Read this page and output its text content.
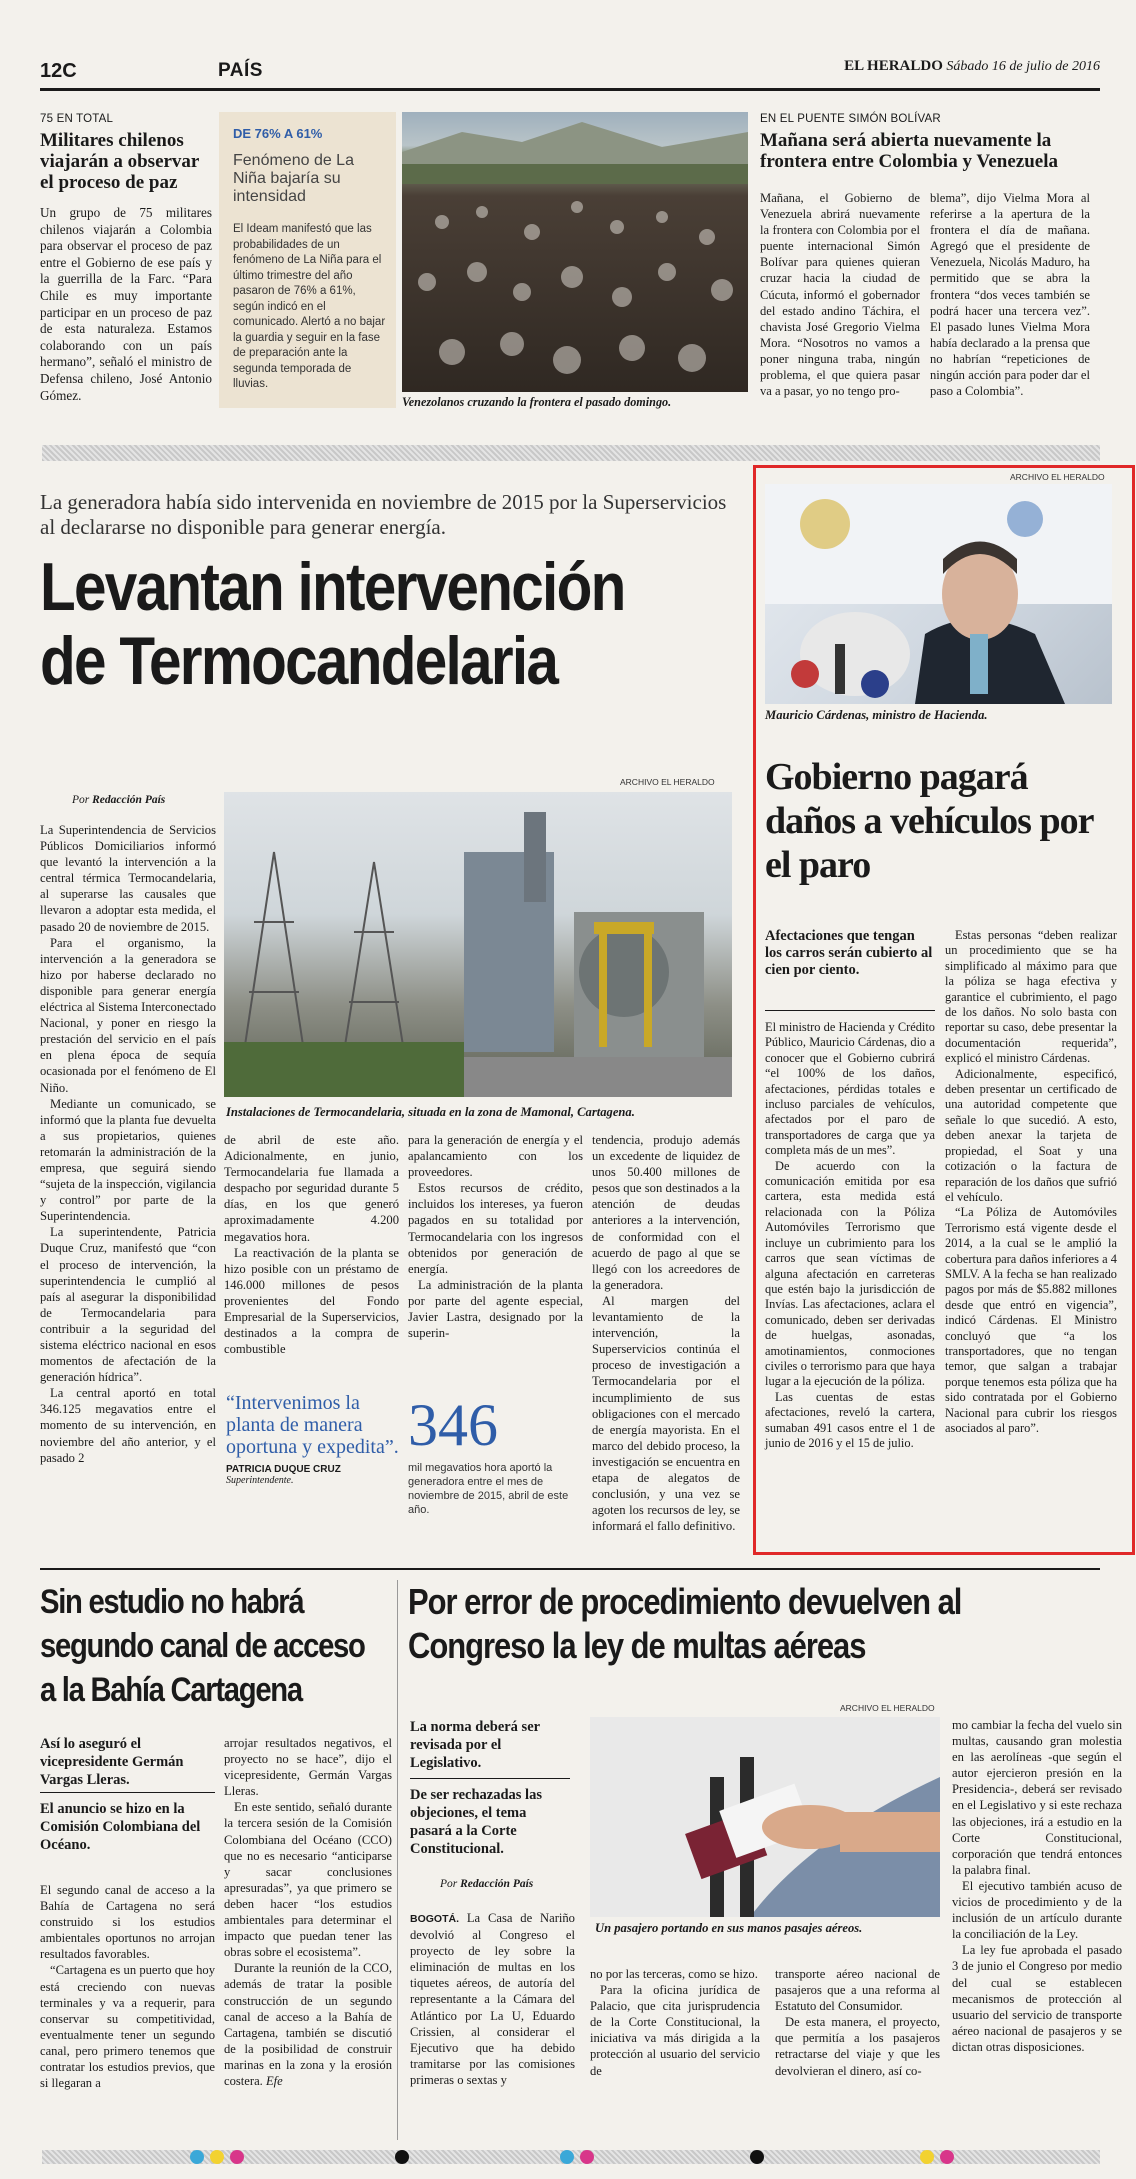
12C	PAÍS	EL HERALDO Sábado 16 de julio de 2016
75 EN TOTAL
Militares chilenos viajarán a observar el proceso de paz
Un grupo de 75 militares chilenos viajarán a Colombia para observar el proceso de paz entre el Gobierno de ese país y la guerrilla de la Farc. “Para Chile es muy importante participar en un proceso de paz de esta naturaleza. Estamos colaborando con un país hermano”, señaló el ministro de Defensa chileno, José Antonio Gómez.
DE 76% A 61%
Fenómeno de La Niña bajaría su intensidad
El Ideam manifestó que las probabilidades de un fenómeno de La Niña para el último trimestre del año pasaron de 76% a 61%, según indicó en el comunicado. Alertó a no bajar la guardia y seguir en la fase de preparación ante la segunda temporada de lluvias.
Venezolanos cruzando la frontera el pasado domingo.
EN EL PUENTE SIMÓN BOLÍVAR
Mañana será abierta nuevamente la frontera entre Colombia y Venezuela
Mañana, el Gobierno de Venezuela abrirá nuevamente la frontera con Colombia por el puente internacional Simón Bolívar para quienes quieran cruzar hacia la ciudad de Cúcuta, informó el gobernador del estado andino Táchira, el chavista José Gregorio Vielma Mora. “Nosotros no vamos a poner ninguna traba, ningún problema, el que quiera pasar va a pasar, yo no tengo pro-
blema”, dijo Vielma Mora al referirse a la apertura de la frontera el día de mañana. Agregó que el presidente de Venezuela, Nicolás Maduro, ha permitido que se abra la frontera “dos veces también se podrá hacer una tercera vez”. El pasado lunes Vielma Mora había declarado a la prensa que no habrían “repeticiones de ningún acción para poder dar el paso a Colombia”.
La generadora había sido intervenida en noviembre de 2015 por la Superservicios al declararse no disponible para generar energía.
Levantan intervención
de Termocandelaria
Por Redacción País

La Superintendencia de Servicios Públicos Domiciliarios informó que levantó la intervención a la central térmica Termocandelaria, al superarse las causales que llevaron a adoptar esta medida, el pasado 20 de noviembre de 2015.

Para el organismo, la intervención a la generadora se hizo por haberse declarado no disponible para generar energía eléctrica al Sistema Interconectado Nacional, y poner en riesgo la prestación del servicio en el país en plena época de sequía ocasionada por el fenómeno de El Niño.

Mediante un comunicado, se informó que la planta fue devuelta a sus propietarios, quienes retomarán la administración de la empresa, que seguirá siendo “sujeta de la inspección, vigilancia y control” por parte de la Superintendencia.

La superintendente, Patricia Duque Cruz, manifestó que “con el proceso de intervención, la superintendencia le cumplió al país al asegurar la disponibilidad de Termocandelaria para contribuir a la seguridad del sistema eléctrico nacional en esos momentos de afectación de la generación hídrica”.

La central aportó en total 346.125 megavatios entre el momento de su intervención, en noviembre del año anterior, y el pasado 2

ARCHIVO EL HERALDO
Instalaciones de Termocandelaria, situada en la zona de Mamonal, Cartagena.

de abril de este año. Adicionalmente, en junio, Termocandelaria fue llamada a despacho por seguridad durante 5 días, en los que generó aproximadamente 4.200 megavatios hora.

La reactivación de la planta se hizo posible con un préstamo de 146.000 millones de pesos provenientes del Fondo Empresarial de la Superservicios, destinados a la compra de combustible

para la generación de energía y el apalancamiento con los proveedores.

Estos recursos de crédito, incluidos los intereses, ya fueron pagados en su totalidad por Termocandelaria con los ingresos obtenidos por generación de energía.

La administración de la planta por parte del agente especial, Javier Lastra, designado por la superin-

tendencia, produjo además un excedente de liquidez de unos 50.400 millones de pesos que son destinados a la atención de deudas anteriores a la intervención, de conformidad con el acuerdo de pago al que se llegó con los acreedores de la generadora.

Al margen del levantamiento de la intervención, la Superservicios continúa el proceso de investigación a Termocandelaria por el incumplimiento de sus obligaciones con el mercado de energía mayorista. En el marco del debido proceso, la investigación se encuentra en etapa de alegatos de conclusión, y una vez se agoten los recursos de ley, se informará el fallo definitivo.

“Intervenimos la planta de manera oportuna y expedita”.
PATRICIA DUQUE CRUZ
Superintendente.
346
mil megavatios hora aportó la generadora entre el mes de noviembre de 2015, abril de este año.
ARCHIVO EL HERALDO
Mauricio Cárdenas, ministro de Hacienda.
Gobierno pagará daños a vehículos por el paro
Afectaciones que tengan los carros serán cubierto al cien por ciento.

El ministro de Hacienda y Crédito Público, Mauricio Cárdenas, dio a conocer que el Gobierno cubrirá “el 100% de los daños, afectaciones, pérdidas totales e incluso parciales de vehículos, afectados por el paro de transportadores de carga que ya completa más de un mes”.

De acuerdo con la comunicación emitida por esa cartera, esta medida está relacionada con la Póliza Automóviles Terrorismo que incluye un cubrimiento para los carros que sean víctimas de alguna afectación en carreteras que estén bajo la jurisdicción de Invías. Las afectaciones, aclara el comunicado, deben ser derivadas de huelgas, asonadas, amotinamientos, conmociones civiles o terrorismo para que haya lugar a la ejecución de la póliza.

Las cuentas de estas afectaciones, reveló la cartera, sumaban 491 casos entre el 1 de junio de 2016 y el 15 de julio.

Estas personas “deben realizar un procedimiento que se ha simplificado al máximo para que la póliza se haga efectiva y garantice el cubrimiento, el pago de los daños. No solo basta con reportar su caso, debe presentar la documentación requerida”, explicó el ministro Cárdenas.

Adicionalmente, especificó, deben presentar un certificado de una autoridad competente que señale lo que sucedió. A esto, deben anexar la tarjeta de propiedad, el Soat y una cotización o la factura de reparación de los daños que sufrió el vehículo.

“La Póliza de Automóviles Terrorismo está vigente desde el 2014, a la cual se le amplió la cobertura para daños inferiores a 4 SMLV. A la fecha se han realizado pagos por más de $5.882 millones desde que entró en vigencia”, indicó Cárdenas. El Ministro concluyó que “a los transportadores, que no tengan temor, que salgan a trabajar porque tenemos esta póliza que ha sido contratada por el Gobierno Nacional para cubrir los riesgos asociados al paro”.

Sin estudio no habrá segundo canal de acceso a la Bahía Cartagena
Así lo aseguró el vicepresidente Germán Vargas Lleras.
El anuncio se hizo en la Comisión Colombiana del Océano.

El segundo canal de acceso a la Bahía de Cartagena no será construido si los estudios ambientales oportunos no arrojan resultados favorables.

“Cartagena es un puerto que hoy está creciendo con nuevas terminales y va a requerir, para conservar su competitividad, eventualmente tener un segundo canal, pero primero tenemos que contratar los estudios previos, que si llegaran a

arrojar resultados negativos, el proyecto no se hace”, dijo el vicepresidente, Germán Vargas Lleras.

En este sentido, señaló durante la tercera sesión de la Comisión Colombiana del Océano (CCO) que no es necesario “anticiparse y sacar conclusiones apresuradas”, ya que primero se deben hacer “los estudios ambientales para determinar el impacto que puedan tener las obras sobre el ecosistema”.

Durante la reunión de la CCO, además de tratar la posible construcción de un segundo canal de acceso a la Bahía de Cartagena, también se discutió de la posibilidad de construir marinas en la zona y la erosión costera. Efe

Por error de procedimiento devuelven al Congreso la ley de multas aéreas
La norma deberá ser revisada por el Legislativo.
De ser rechazadas las objeciones, el tema pasará a la Corte Constitucional.
Por Redacción País

BOGOTÁ. La Casa de Nariño devolvió al Congreso el proyecto de ley sobre la eliminación de multas en los tiquetes aéreos, de autoría del representante a la Cámara del Atlántico por La U, Eduardo Crissien, al considerar el Ejecutivo que ha debido tramitarse por las comisiones primeras o sextas y

ARCHIVO EL HERALDO
Un pasajero portando en sus manos pasajes aéreos.

no por las terceras, como se hizo.

Para la oficina jurídica de Palacio, que cita jurisprudencia de la Corte Constitucional, la iniciativa va más dirigida a la protección al usuario del servicio de

transporte aéreo nacional de pasajeros que a una reforma al Estatuto del Consumidor.

De esta manera, el proyecto, que permitía a los pasajeros retractarse del viaje y que les devolvieran el dinero, así co-

mo cambiar la fecha del vuelo sin multas, causando gran molestia en las aerolíneas -que según el autor ejercieron presión en la Presidencia-, deberá ser revisado en el Legislativo y si este rechaza las objeciones, irá a estudio en la Corte Constitucional, corporación que tendrá entonces la palabra final.

El ejecutivo también acuso de vicios de procedimiento y de la inclusión de un artículo durante la conciliación de la Ley.

La ley fue aprobada el pasado 3 de junio el Congreso por medio del cual se establecen mecanismos de protección al usuario del servicio de transporte aéreo nacional de pasajeros y se dictan otras disposiciones.
